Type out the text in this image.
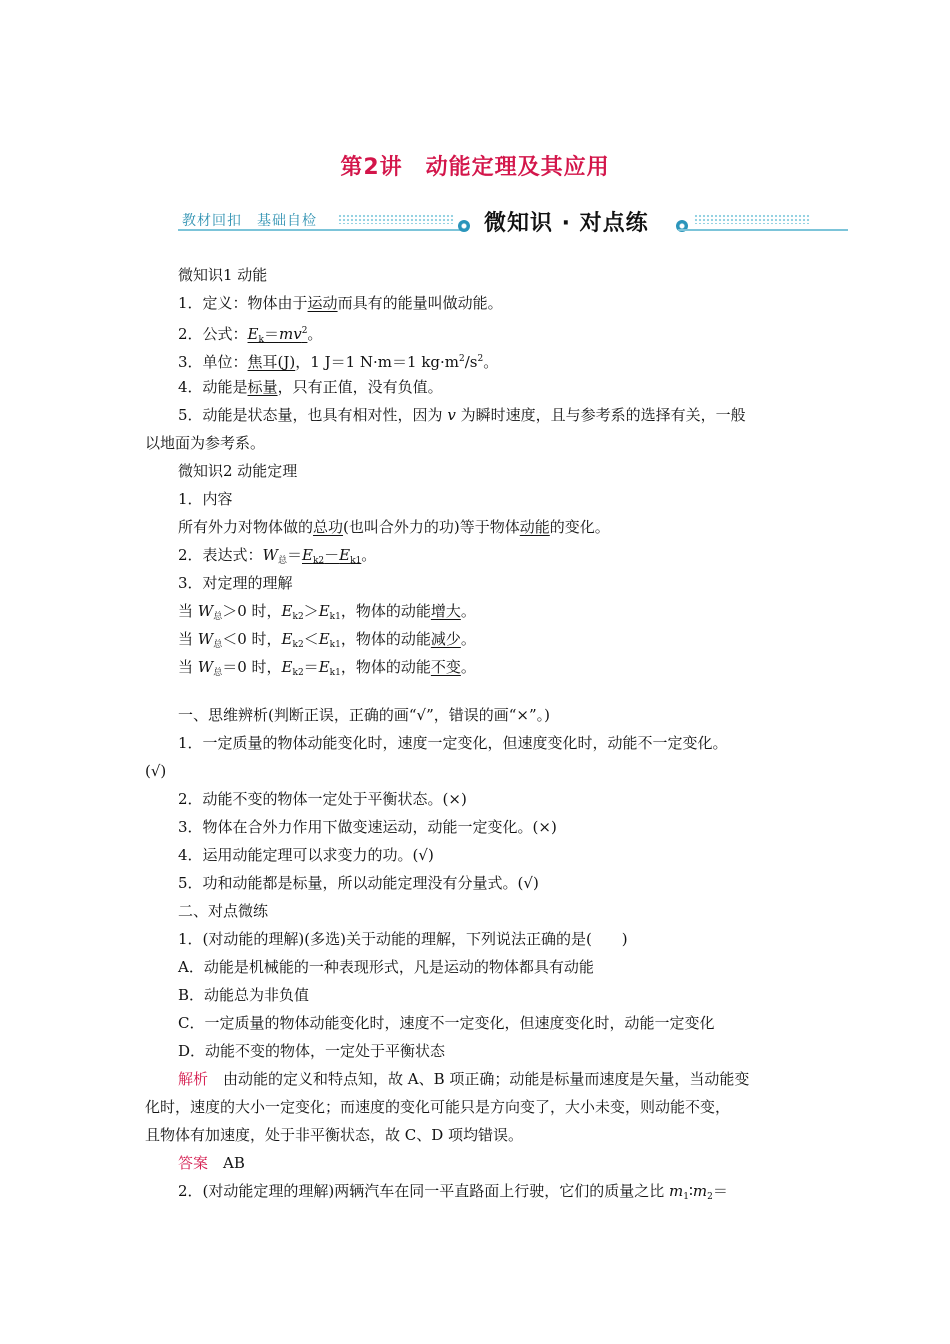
第2讲　动能定理及其应用
教材回扣　基础自检	微知识 · 对点练
微知识1 动能
1．定义：物体由于运动而具有的能量叫做动能。
2．公式：$E_k=mv^2$。
3．单位：焦耳(J)，1 J＝1 N·m＝1 $kg\cdot m^2/s^2$。
4．动能是标量，只有正值，没有负值。
5．动能是状态量，也具有相对性，因为 v 为瞬时速度，且与参考系的选择有关，一般
以地面为参考系。
微知识2 动能定理
1．内容
所有外力对物体做的总功(也叫合外力的功)等于物体动能的变化。
2．表达式：$W_总=E_{k2}-E_{k1}$。
3．对定理的理解
当 $W_总>0$ 时，$E_{k2}>E_{k1}$，物体的动能增大。
当 $W_总<0$ 时，$E_{k2}<E_{k1}$，物体的动能减少。
当 $W_总=0$ 时，$E_{k2}=E_{k1}$，物体的动能不变。
一、思维辨析(判断正误，正确的画“√”，错误的画“×”。)
1．一定质量的物体动能变化时，速度一定变化，但速度变化时，动能不一定变化。
(√)
2．动能不变的物体一定处于平衡状态。(×)
3．物体在合外力作用下做变速运动，动能一定变化。(×)
4．运用动能定理可以求变力的功。(√)
5．功和动能都是标量，所以动能定理没有分量式。(√)
二、对点微练
1．(对动能的理解)(多选)关于动能的理解，下列说法正确的是(　　)
A．动能是机械能的一种表现形式，凡是运动的物体都具有动能
B．动能总为非负值
C．一定质量的物体动能变化时，速度不一定变化，但速度变化时，动能一定变化
D．动能不变的物体，一定处于平衡状态
解析　由动能的定义和特点知，故 A、B 项正确；动能是标量而速度是矢量，当动能变
化时，速度的大小一定变化；而速度的变化可能只是方向变了，大小未变，则动能不变，
且物体有加速度，处于非平衡状态，故 C、D 项均错误。
答案　AB
2．(对动能定理的理解)两辆汽车在同一平直路面上行驶，它们的质量之比 $m_1∶m_2=$
